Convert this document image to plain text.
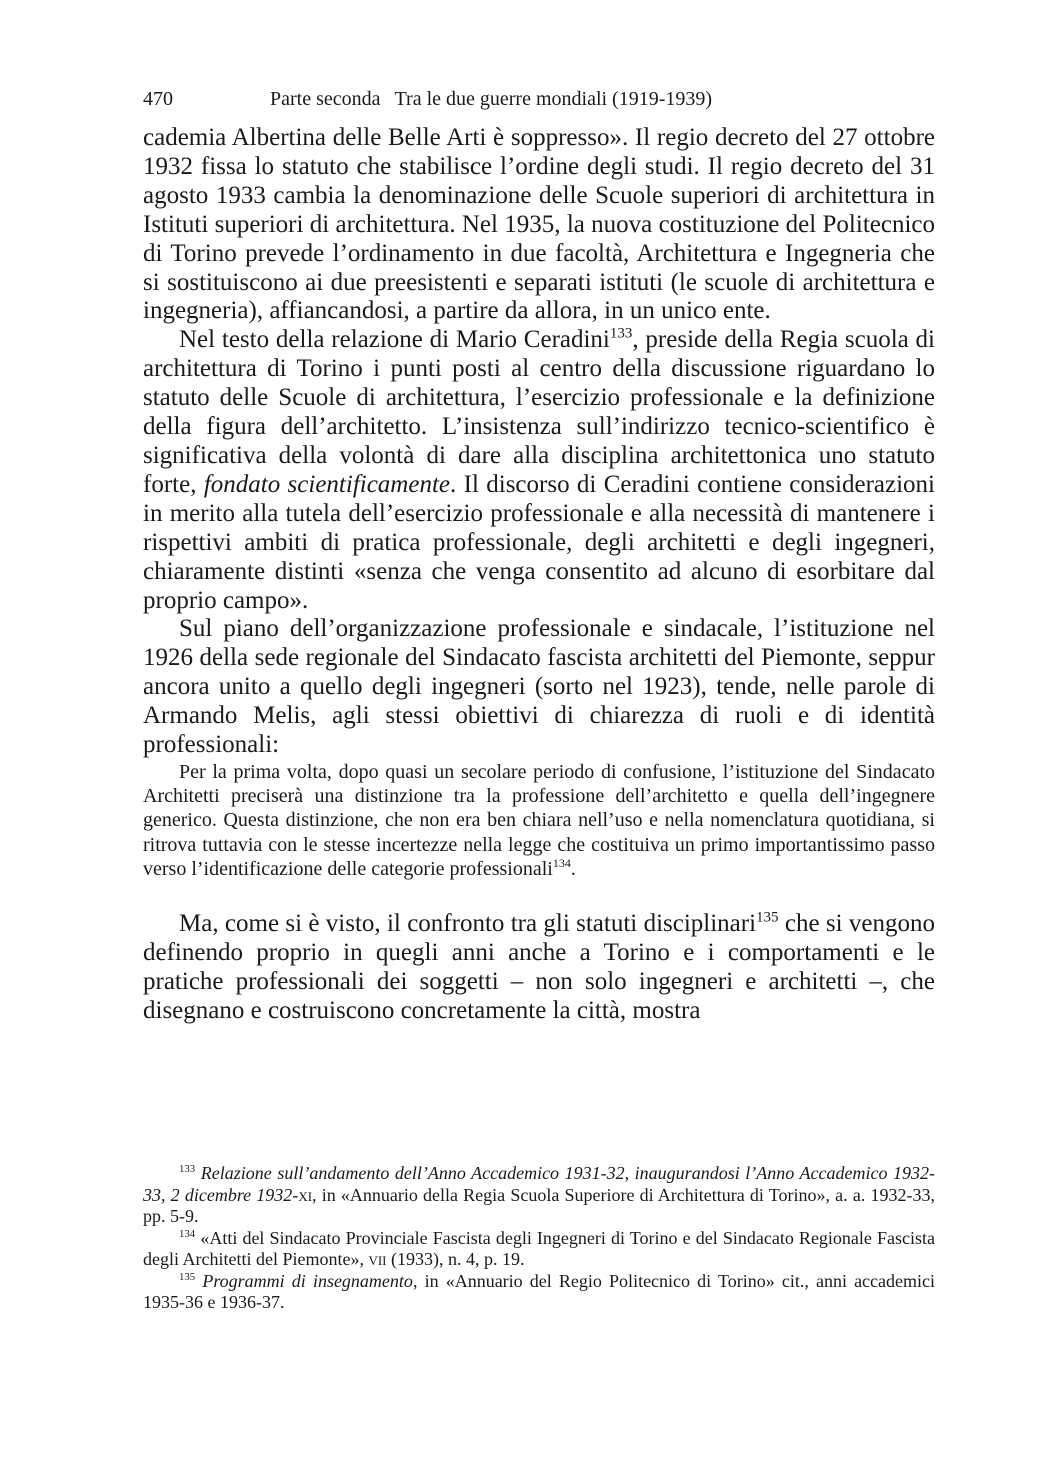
470	Parte seconda Tra le due guerre mondiali (1919-1939)

cademia Albertina delle Belle Arti è soppresso». Il regio decreto del 27 ottobre 1932 fissa lo statuto che stabilisce l’ordine degli studi. Il regio decreto del 31 agosto 1933 cambia la denominazione delle Scuole superiori di architettura in Istituti superiori di architettura. Nel 1935, la nuova costituzione del Politecnico di Torino prevede l’ordinamento in due facoltà, Architettura e Ingegneria che si sostituiscono ai due preesistenti e separati istituti (le scuole di architettura e ingegneria), affiancandosi, a partire da allora, in un unico ente.

Nel testo della relazione di Mario Ceradini$^{133}$, preside della Regia scuola di architettura di Torino i punti posti al centro della discussione riguardano lo statuto delle Scuole di architettura, l’esercizio professionale e la definizione della figura dell’architetto. L’insistenza sull’indirizzo tecnico-scientifico è significativa della volontà di dare alla disciplina architettonica uno statuto forte, fondato scientificamente. Il discorso di Ceradini contiene considerazioni in merito alla tutela dell’esercizio professionale e alla necessità di mantenere i rispettivi ambiti di pratica professionale, degli architetti e degli ingegneri, chiaramente distinti «senza che venga consentito ad alcuno di esorbitare dal proprio campo».

Sul piano dell’organizzazione professionale e sindacale, l’istituzione nel 1926 della sede regionale del Sindacato fascista architetti del Piemonte, seppur ancora unito a quello degli ingegneri (sorto nel 1923), tende, nelle parole di Armando Melis, agli stessi obiettivi di chiarezza di ruoli e di identità professionali:

Per la prima volta, dopo quasi un secolare periodo di confusione, l’istituzione del Sindacato Architetti preciserà una distinzione tra la professione dell’architetto e quella dell’ingegnere generico. Questa distinzione, che non era ben chiara nell’uso e nella nomenclatura quotidiana, si ritrova tuttavia con le stesse incertezze nella legge che costituiva un primo importantissimo passo verso l’identificazione delle categorie professionali$^{134}$.

Ma, come si è visto, il confronto tra gli statuti disciplinari$^{135}$ che si vengono definendo proprio in quegli anni anche a Torino e i comportamenti e le pratiche professionali dei soggetti – non solo ingegneri e architetti –, che disegnano e costruiscono concretamente la città, mostra

$^{133}$ Relazione sull’andamento dell’Anno Accademico 1931-32, inaugurandosi l’Anno Accademico 1932-33, 2 dicembre 1932-xi, in «Annuario della Regia Scuola Superiore di Architettura di Torino», a. a. 1932-33, pp. 5-9.

$^{134}$ «Atti del Sindacato Provinciale Fascista degli Ingegneri di Torino e del Sindacato Regionale Fascista degli Architetti del Piemonte», vii (1933), n. 4, p. 19.

$^{135}$ Programmi di insegnamento, in «Annuario del Regio Politecnico di Torino» cit., anni accademici 1935-36 e 1936-37.
